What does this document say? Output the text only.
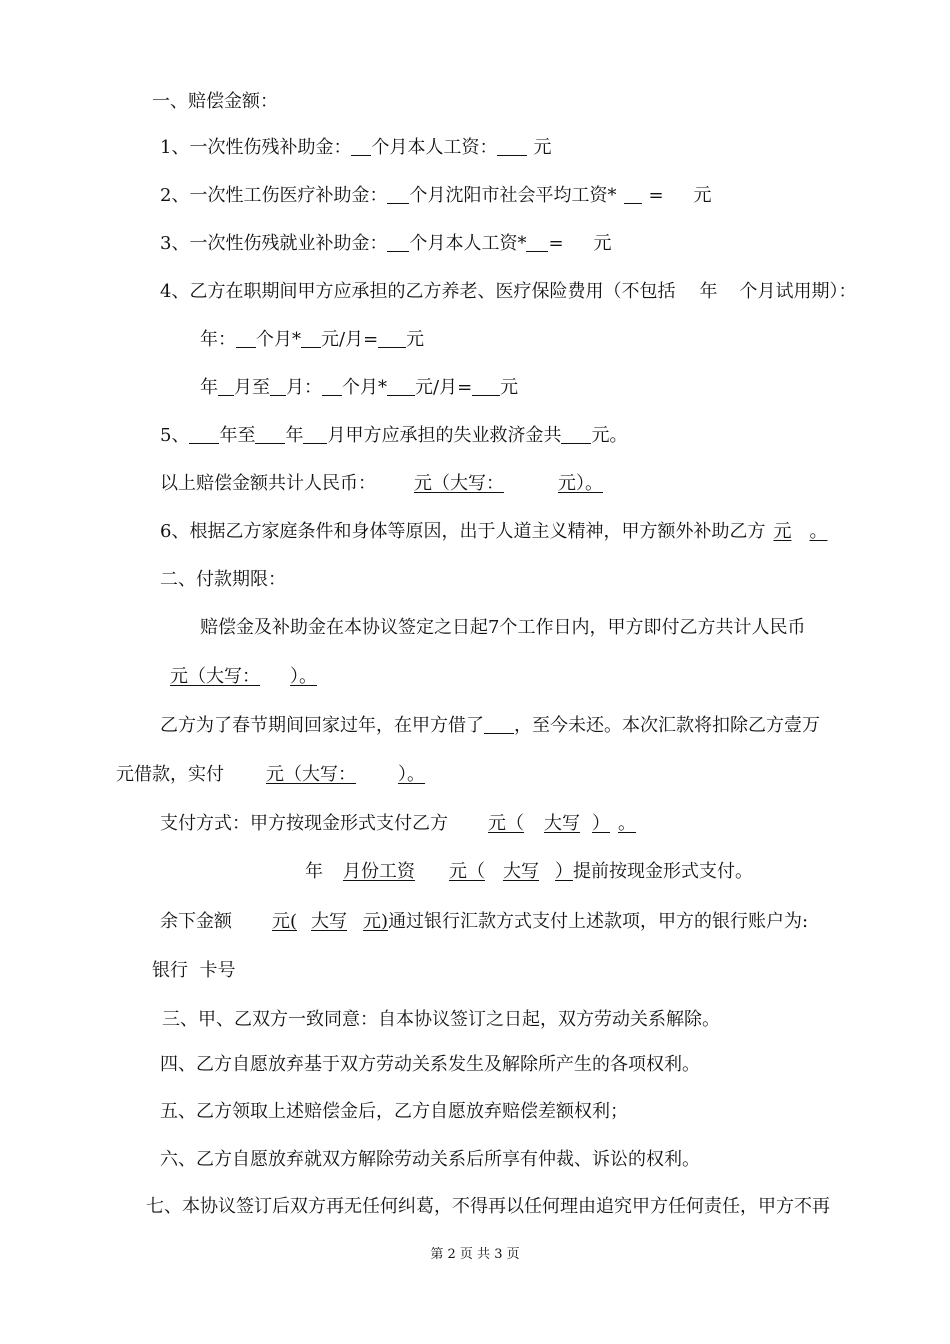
一、赔偿金额：
1、一次性伤残补助金： 个月本人工资： 元
2、一次性工伤医疗补助金： 个月沈阳市社会平均工资* = 元
3、一次性伤残就业补助金： 个月本人工资* = 元
4、乙方在职期间甲方应承担的乙方养老、医疗保险费用（不包括 年 个月试用期）：
年： 个月* 元/月= 元
年 月至 月： 个月* 元/月= 元
5、 年至 年 月甲方应承担的失业救济金共 元。
以上赔偿金额共计人民币： 元（大写：	元）。
6、根据乙方家庭条件和身体等原因，出于人道主义精神，甲方额外补助乙方 元 。
二、付款期限：
赔偿金及补助金在本协议签定之日起7个工作日内，甲方即付乙方共计人民币
元（大写： ）。
乙方为了春节期间回家过年，在甲方借了 ，至今未还。本次汇款将扣除乙方壹万
元借款，实付 元（大写： ）。
支付方式：甲方按现金形式支付乙方 元（ 大写 ） 。
年 月份工资 元（ 大写 ）提前按现金形式支付。
余下金额 元( 大写 元)通过银行汇款方式支付上述款项，甲方的银行账户为:
银行  卡号
三、甲、乙双方一致同意：自本协议签订之日起，双方劳动关系解除。
四、乙方自愿放弃基于双方劳动关系发生及解除所产生的各项权利。
五、乙方领取上述赔偿金后，乙方自愿放弃赔偿差额权利；
六、乙方自愿放弃就双方解除劳动关系后所享有仲裁、诉讼的权利。
七、本协议签订后双方再无任何纠葛，不得再以任何理由追究甲方任何责任，甲方不再
第 2 页 共 3 页
